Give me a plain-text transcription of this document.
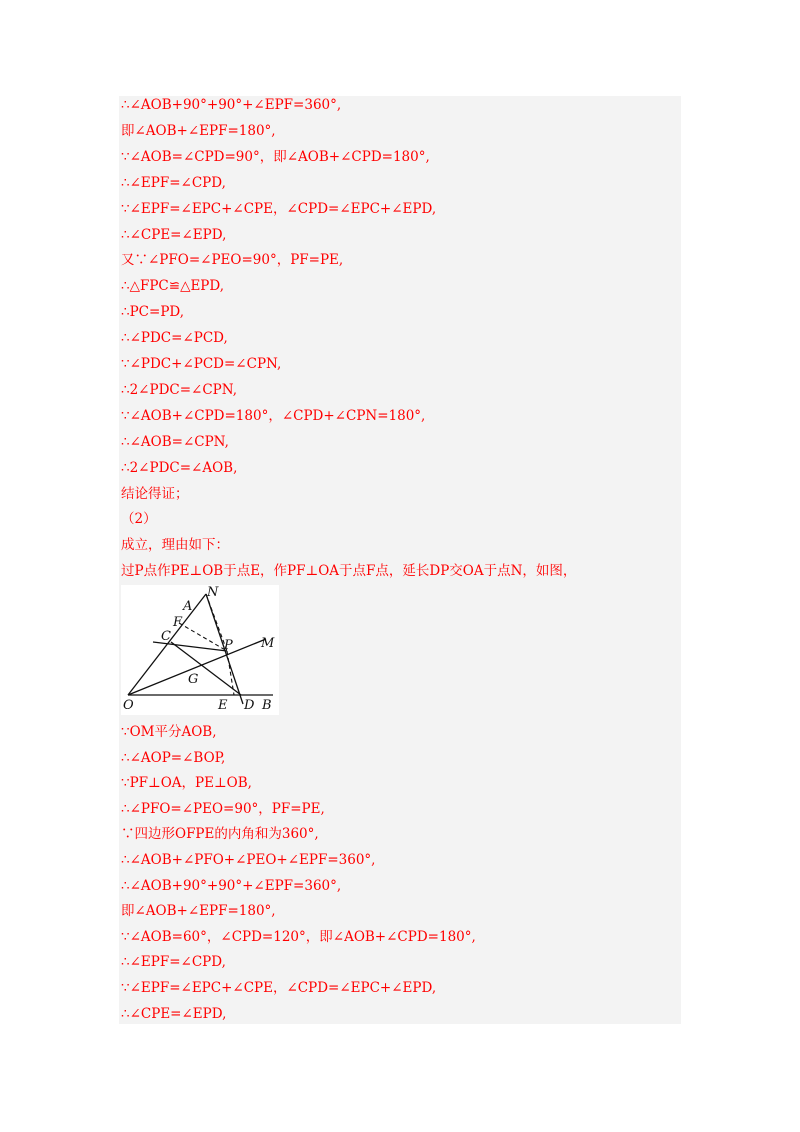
∴∠AOB+90°+90°+∠EPF=360°,
即∠AOB+∠EPF=180°,
∵∠AOB=∠CPD=90°，即∠AOB+∠CPD=180°,
∴∠EPF=∠CPD,
∵∠EPF=∠EPC+∠CPE，∠CPD=∠EPC+∠EPD,
∴∠CPE=∠EPD,
又∵∠PFO=∠PEO=90°，PF=PE,
∴△FPC≌△EPD,
∴PC=PD,
∴∠PDC=∠PCD,
∵∠PDC+∠PCD=∠CPN,
∴2∠PDC=∠CPN,
∵∠AOB+∠CPD=180°，∠CPD+∠CPN=180°,
∴∠AOB=∠CPN,
∴2∠PDC=∠AOB,
结论得证；
（2）
成立，理由如下：
过P点作PE⊥OB于点E，作PF⊥OA于点F点，延长DP交OA于点N，如图，
N
A
F
C
P M
G
O	E D B
∵OM平分AOB,
∴∠AOP=∠BOP,
∵PF⊥OA，PE⊥OB,
∴∠PFO=∠PEO=90°，PF=PE,
∵四边形OFPE的内角和为360°,
∴∠AOB+∠PFO+∠PEO+∠EPF=360°,
∴∠AOB+90°+90°+∠EPF=360°,
即∠AOB+∠EPF=180°,
∵∠AOB=60°，∠CPD=120°，即∠AOB+∠CPD=180°,
∴∠EPF=∠CPD,
∵∠EPF=∠EPC+∠CPE，∠CPD=∠EPC+∠EPD,
∴∠CPE=∠EPD,
